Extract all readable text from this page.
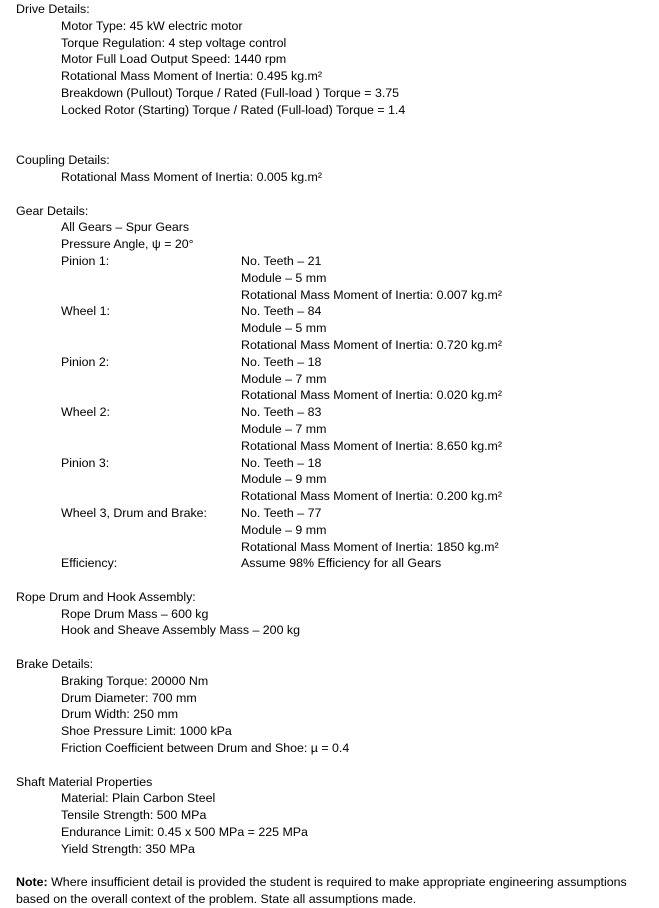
Drive Details:
Motor Type: 45 kW electric motor
Torque Regulation: 4 step voltage control
Motor Full Load Output Speed: 1440 rpm
Rotational Mass Moment of Inertia: 0.495 kg.m²
Breakdown (Pullout) Torque / Rated (Full-load ) Torque = 3.75
Locked Rotor (Starting) Torque / Rated (Full-load) Torque = 1.4
Coupling Details:
Rotational Mass Moment of Inertia: 0.005 kg.m²
Gear Details:
All Gears – Spur Gears
Pressure Angle, ψ = 20°
Pinion 1:	No. Teeth – 21
Module – 5 mm
Rotational Mass Moment of Inertia: 0.007 kg.m²
Wheel 1:	No. Teeth – 84
Module – 5 mm
Rotational Mass Moment of Inertia: 0.720 kg.m²
Pinion 2:	No. Teeth – 18
Module – 7 mm
Rotational Mass Moment of Inertia: 0.020 kg.m²
Wheel 2:	No. Teeth – 83
Module – 7 mm
Rotational Mass Moment of Inertia: 8.650 kg.m²
Pinion 3:	No. Teeth – 18
Module – 9 mm
Rotational Mass Moment of Inertia: 0.200 kg.m²
Wheel 3, Drum and Brake:	No. Teeth – 77
Module – 9 mm
Rotational Mass Moment of Inertia: 1850 kg.m²
Efficiency:	Assume 98% Efficiency for all Gears
Rope Drum and Hook Assembly:
Rope Drum Mass – 600 kg
Hook and Sheave Assembly Mass – 200 kg
Brake Details:
Braking Torque: 20000 Nm
Drum Diameter: 700 mm
Drum Width: 250 mm
Shoe Pressure Limit: 1000 kPa
Friction Coefficient between Drum and Shoe: µ = 0.4
Shaft Material Properties
Material: Plain Carbon Steel
Tensile Strength: 500 MPa
Endurance Limit: 0.45 x 500 MPa = 225 MPa
Yield Strength: 350 MPa
Note: Where insufficient detail is provided the student is required to make appropriate engineering assumptions based on the overall context of the problem. State all assumptions made.
